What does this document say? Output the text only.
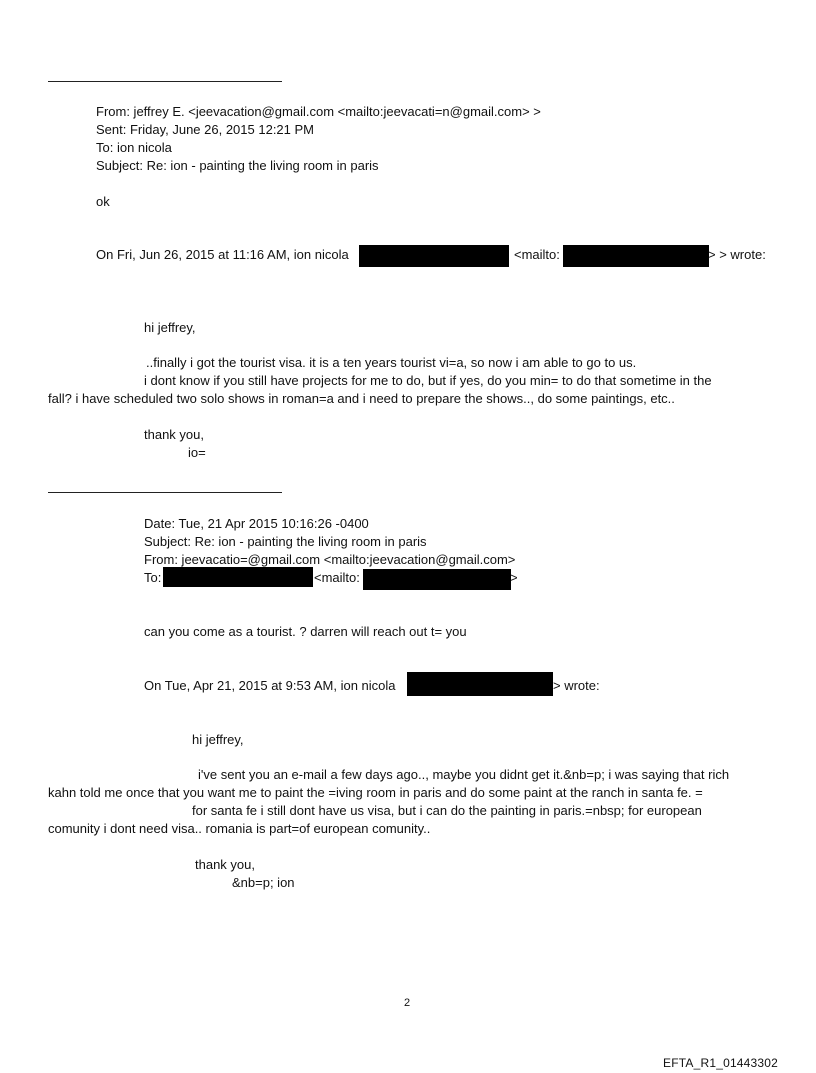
From: jeffrey E. <jeevacation@gmail.com <mailto:jeevacati=n@gmail.com> >
Sent: Friday, June 26, 2015 12:21 PM
To: ion nicola
Subject: Re: ion - painting the living room in paris
ok
On Fri, Jun 26, 2015 at 11:16 AM, ion nicola	<mailto:	> > wrote:
hi jeffrey,
..finally i got the tourist visa. it is a ten years tourist vi=a, so now i am able to go to us.
i dont know if you still have projects for me to do, but if yes, do you min= to do that sometime in the
fall? i have scheduled two solo shows in roman=a and i need to prepare the shows.., do some paintings, etc..
thank you,
io=
Date: Tue, 21 Apr 2015 10:16:26 -0400
Subject: Re: ion - painting the living room in paris
From: jeevacatio=@gmail.com <mailto:jeevacation@gmail.com>
To:	<mailto:	>
can you come as a tourist. ? darren will reach out t= you
On Tue, Apr 21, 2015 at 9:53 AM, ion nicola	> wrote:
hi jeffrey,
i've sent you an e-mail a few days ago.., maybe you didnt get it.&nb=p; i was saying that rich
kahn told me once that you want me to paint the =iving room in paris and do some paint at the ranch in santa fe. =
for santa fe i still dont have us visa, but i can do the painting in paris.=nbsp; for european
comunity i dont need visa.. romania is part=of european comunity..
thank you,
&nb=p; ion
2
EFTA_R1_01443302
